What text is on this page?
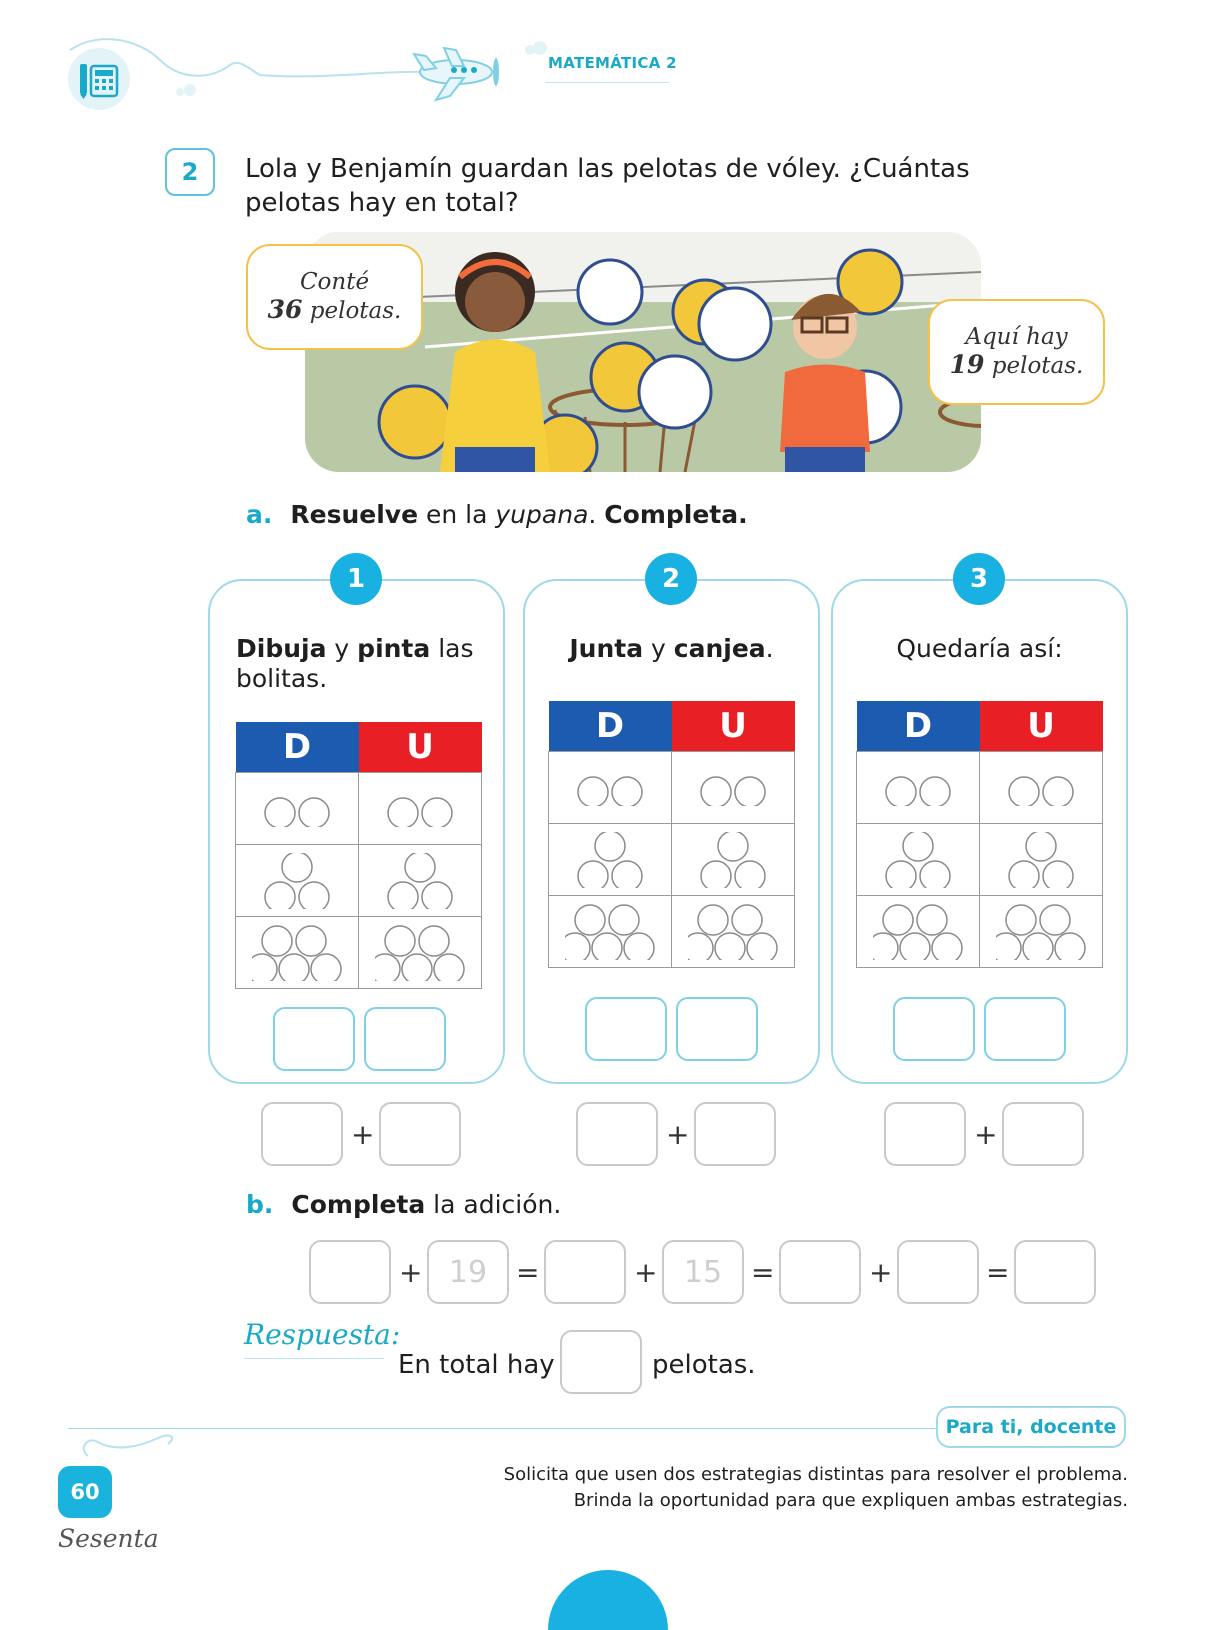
MATEMÁTICA 2
2	Lola y Benjamín guardan las pelotas de vóley. ¿Cuántas pelotas hay en total?
Conté
36 pelotas.
Aquí hay
19 pelotas.
a. Resuelve en la yupana. Completa.
1
Dibuja y pinta las bolitas.
D	U

2
Junta y canjea.
D	U

3
Quedaría así:
D	U

+	+	+
b. Completa la adición.
+ 19 =	+ 15 =	+	=
Respuesta:
En total hay	pelotas.
Para ti, docente
Solicita que usen dos estrategias distintas para resolver el problema.
Brinda la oportunidad para que expliquen ambas estrategias.
60
Sesenta
